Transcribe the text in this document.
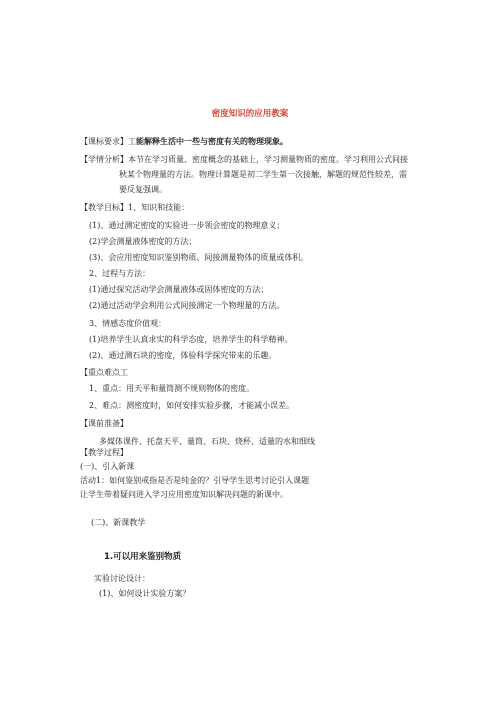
密度知识的应用教案
【课标要求】工能解释生活中一些与密度有关的物理现象。
【学情分析】本节在学习质量、密度概念的基础上，学习测量物质的密度。学习利用公式间接
秋某个物理量的方法。物理计算题是初二学生第一次接触，解题的规范性较差，需
要反复强调。
【教学目标】1、知识和技能：
(1)、通过测定密度的实验进一步领会密度的物理意义；
(2)学会测量液体密度的方法；
(3)、会应用密度知识鉴别物质、间接测量物体的质量或体积。
2、过程与方法：
(1)通过探究活动学会测量液体或固体密度的方法；
(2)通过活动学会利用公式间接测定一个物理量的方法。
3、情感态度价值观：
(1)培养学生认真求实的科学态度，培养学生的科学精神。
(2)、通过测石块的密度，体验科学探究带来的乐趣。
【重点难点工
1、重点：用天平和量筒测不规则物体的密度。
2、难点：测密度时，如何安排实验步骤，才能减小误差。
【课前准备】
多媒体课件、托盘天平、量筒、石块、烧杯、适量的水和细线
【教学过程】
(一)、引入新课
活动1：如何鉴别戒指是否是纯金的？引导学生思考讨论引入课题
让学生带着疑问进入学习应用密度知识解决问题的新课中。
(二)、新课教学
1.可以用来鉴别物质
实验讨论设计：
(1)、如何设计实验方案？
